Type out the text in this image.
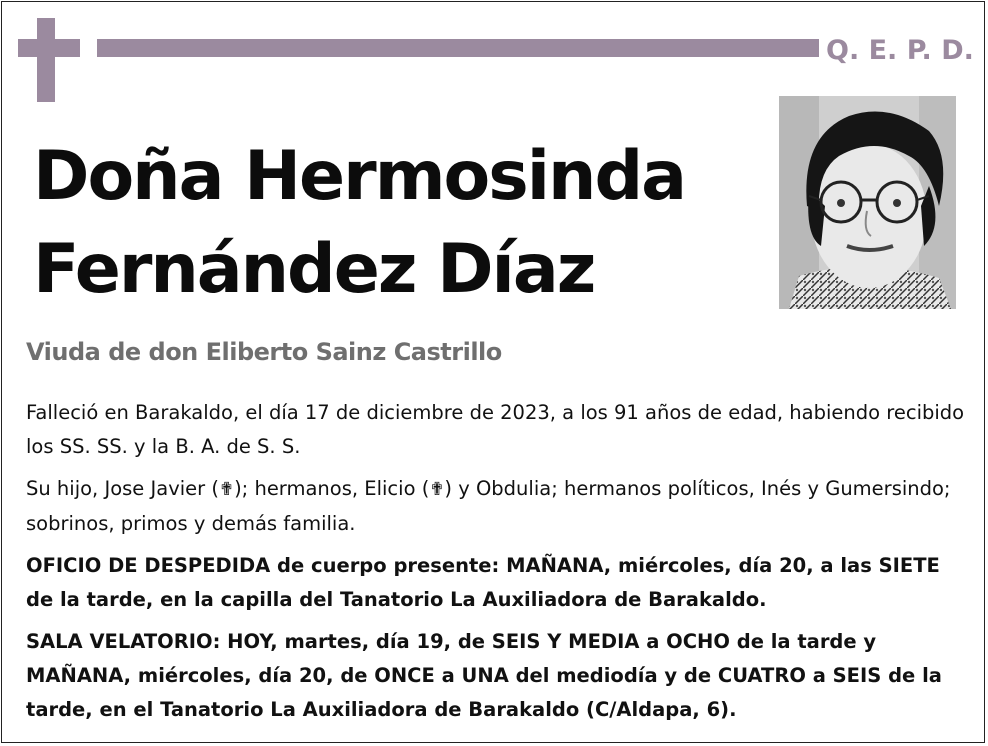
Q. E. P. D.
Doña Hermosinda
Fernández Díaz
Viuda de don Eliberto Sainz Castrillo

Falleció en Barakaldo, el día 17 de diciembre de 2023, a los 91 años de edad, habiendo recibido los SS. SS. y la B. A. de S. S.

Su hijo, Jose Javier (✟); hermanos, Elicio (✟) y Obdulia; hermanos políticos, Inés y Gumersindo; sobrinos, primos y demás familia.

OFICIO DE DESPEDIDA de cuerpo presente: MAÑANA, miércoles, día 20, a las SIETE de la tarde, en la capilla del Tanatorio La Auxiliadora de Barakaldo.

SALA VELATORIO: HOY, martes, día 19, de SEIS Y MEDIA a OCHO de la tarde y MAÑANA, miércoles, día 20, de ONCE a UNA del mediodía y de CUATRO a SEIS de la tarde, en el Tanatorio La Auxiliadora de Barakaldo (C/Aldapa, 6).
